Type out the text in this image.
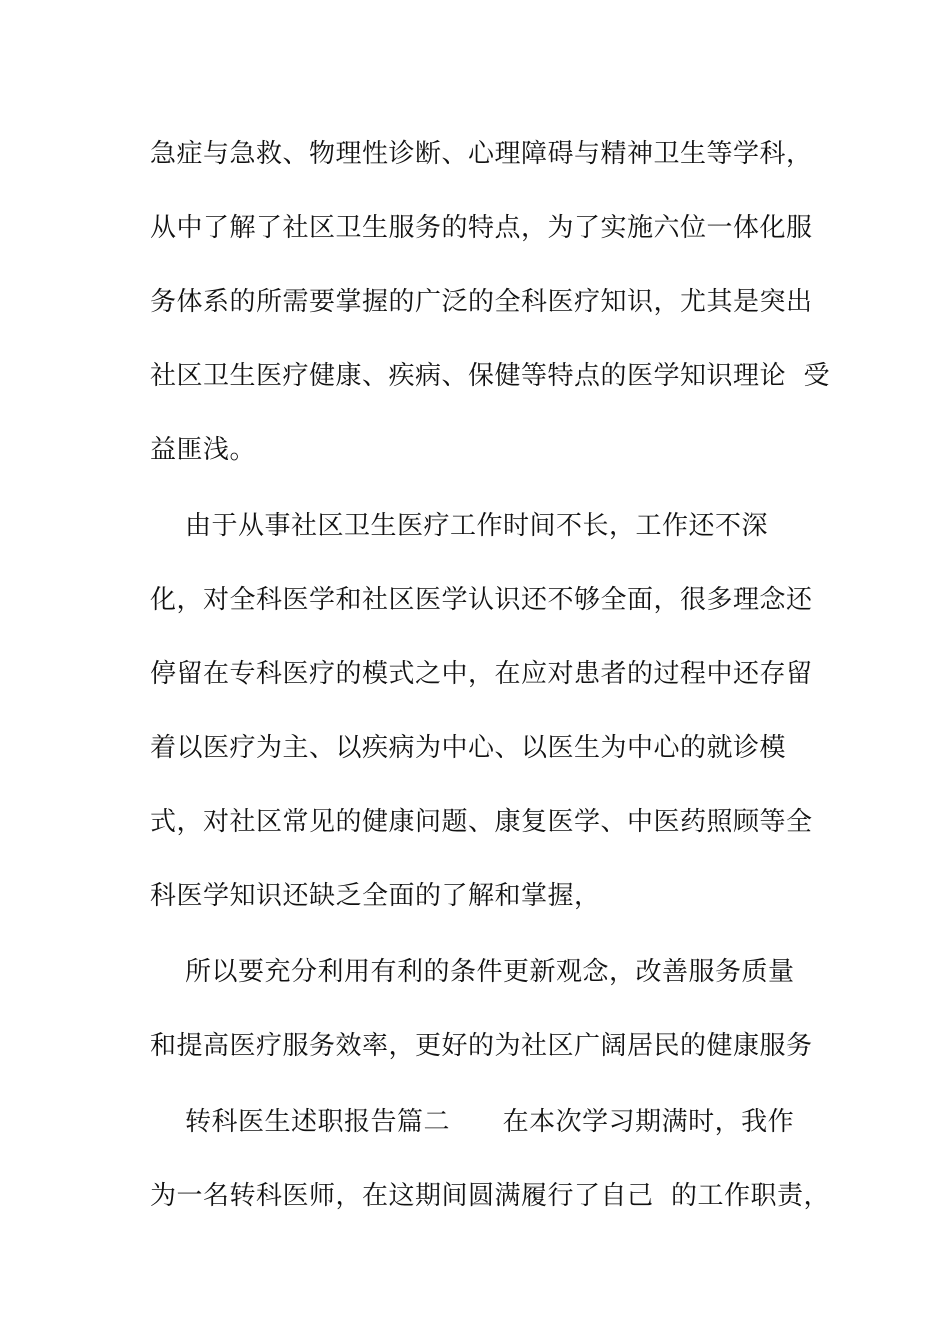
急症与急救、物理性诊断、心理障碍与精神卫生等学科，
从中了解了社区卫生服务的特点，为了实施六位一体化服
务体系的所需要掌握的广泛的全科医疗知识，尤其是突出
社区卫生医疗健康、疾病、保健等特点的医学知识理论  受
益匪浅。
由于从事社区卫生医疗工作时间不长，工作还不深
化，对全科医学和社区医学认识还不够全面，很多理念还
停留在专科医疗的模式之中，在应对患者的过程中还存留
着以医疗为主、以疾病为中心、以医生为中心的就诊模
式，对社区常见的健康问题、康复医学、中医药照顾等全
科医学知识还缺乏全面的了解和掌握，
所以要充分利用有利的条件更新观念，改善服务质量
和提高医疗服务效率，更好的为社区广阔居民的健康服务
转科医生述职报告篇二      在本次学习期满时，我作
为一名转科医师，在这期间圆满履行了自己  的工作职责，
